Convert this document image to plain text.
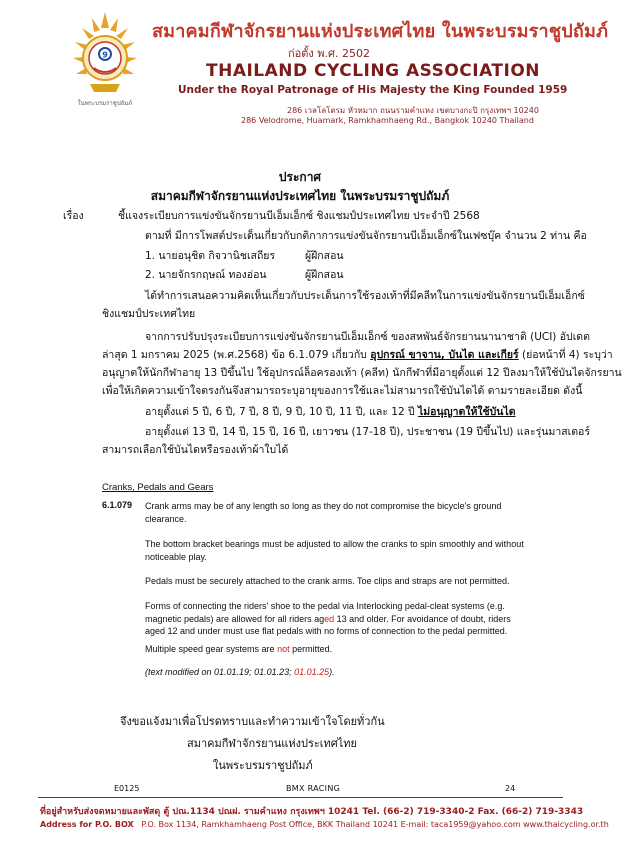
9
ในพระบรมราชูปถัมภ์
สมาคมกีฬาจักรยานแห่งประเทศไทย ในพระบรมราชูปถัมภ์
ก่อตั้ง พ.ศ. 2502
THAILAND CYCLING ASSOCIATION
Under the Royal Patronage of His Majesty the King Founded 1959
286 เวลโลโดรม หัวหมาก ถนนรามคำแหง เขตบางกะปิ กรุงเทพฯ 10240
286 Velodrome, Huamark, Ramkhamhaeng Rd., Bangkok 10240 Thailand
ประกาศ
สมาคมกีฬาจักรยานแห่งประเทศไทย ในพระบรมราชูปถัมภ์
เรื่อง	ชี้แจงระเบียบการแข่งขันจักรยานบีเอ็มเอ็กซ์ ชิงแชมป์ประเทศไทย ประจำปี 2568
ตามที่ มีการโพสต์ประเด็นเกี่ยวกับกติกาการแข่งขันจักรยานบีเอ็มเอ็กซ์ในเฟซบุ๊ค จำนวน 2 ท่าน คือ
1. นายอนุชิต กิจวานิชเสถียร	ผู้ฝึกสอน
2. นายจักรกฤษณ์ ทองอ่อน	ผู้ฝึกสอน
ได้ทำการเสนอความคิดเห็นเกี่ยวกับประเด็นการใช้รองเท้าที่มีคลีทในการแข่งขันจักรยานบีเอ็มเอ็กซ์
ชิงแชมป์ประเทศไทย
จากการปรับปรุงระเบียบการแข่งขันจักรยานบีเอ็มเอ็กซ์ ของสหพันธ์จักรยานนานาชาติ (UCI) อัปเดต
ล่าสุด 1 มกราคม 2025 (พ.ศ.2568) ข้อ 6.1.079 เกี่ยวกับ อุปกรณ์ ขาจาน, บันได และเกียร์ (ย่อหน้าที่ 4) ระบุว่า
อนุญาตให้นักกีฬาอายุ 13 ปีขึ้นไป ใช้อุปกรณ์ล็อครองเท้า (คลีท) นักกีฬาที่มีอายุตั้งแต่ 12 ปีลงมาให้ใช้บันไดจักรยาน
เพื่อให้เกิดความเข้าใจตรงกันจึงสามารถระบุอายุของการใช้และไม่สามารถใช้บันไดได้ ตามรายละเอียด ดังนี้
อายุตั้งแต่ 5 ปี, 6 ปี, 7 ปี, 8 ปี, 9 ปี, 10 ปี, 11 ปี, และ 12 ปี ไม่อนุญาตให้ใช้บันได
อายุตั้งแต่ 13 ปี, 14 ปี, 15 ปี, 16 ปี, เยาวชน (17-18 ปี), ประชาชน (19 ปีขึ้นไป) และรุ่นมาสเตอร์
สามารถเลือกใช้บันไดหรือรองเท้าผ้าใบได้
Cranks, Pedals and Gears
6.1.079 Crank arms may be of any length so long as they do not compromise the bicycle's ground clearance.
The bottom bracket bearings must be adjusted to allow the cranks to spin smoothly and without noticeable play.
Pedals must be securely attached to the crank arms. Toe clips and straps are not permitted.
Forms of connecting the riders' shoe to the pedal via Interlocking pedal-cleat systems (e.g. magnetic pedals) are allowed for all riders aged 13 and older. For avoidance of doubt, riders aged 12 and under must use flat pedals with no forms of connection to the pedal permitted.
Multiple speed gear systems are not permitted.
(text modified on 01.01.19; 01.01.23; 01.01.25).
จึงขอแจ้งมาเพื่อโปรดทราบและทำความเข้าใจโดยทั่วกัน
สมาคมกีฬาจักรยานแห่งประเทศไทย
ในพระบรมราชูปถัมภ์
E0125	BMX RACING	24
ที่อยู่สำหรับส่งจดหมายและพัสดุ ตู้ ปณ.1134 ปณฝ. รามคำแหง กรุงเทพฯ 10241 Tel. (66-2) 719-3340-2 Fax. (66-2) 719-3343
Address for P.O. BOX P.O. Box 1134, Ramkhamhaeng Post Office, BKK Thailand 10241 E-mail: taca1959@yahoo.com www.thaicycling.or.th
